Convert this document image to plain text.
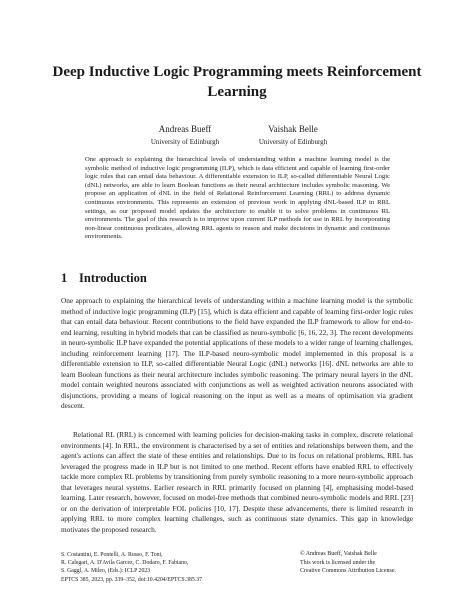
Deep Inductive Logic Programming meets Reinforcement Learning
Andreas Bueff
University of Edinburgh
Vaishak Belle
University of Edinburgh
One approach to explaining the hierarchical levels of understanding within a machine learning model is the symbolic method of inductive logic programming (ILP), which is data efficient and capable of learning first-order logic rules that can entail data behaviour. A differentiable extension to ILP, so-called differentiable Neural Logic (dNL) networks, are able to learn Boolean functions as their neural architecture includes symbolic reasoning. We propose an application of dNL in the field of Relational Reinforcement Learning (RRL) to address dynamic continuous environments. This represents an extension of previous work in applying dNL-based ILP in RRL settings, as our proposed model updates the architecture to enable it to solve problems in continuous RL environments. The goal of this research is to improve upon current ILP methods for use in RRL by incorporating non-linear continuous predicates, allowing RRL agents to reason and make decisions in dynamic and continuous environments.
1 Introduction

One approach to explaining the hierarchical levels of understanding within a machine learning model is the symbolic method of inductive logic programming (ILP) [15], which is data efficient and capable of learning first-order logic rules that can entail data behaviour. Recent contributions to the field have expanded the ILP framework to allow for end-to-end learning, resulting in hybrid models that can be classified as neuro-symbolic [6, 16, 22, 3]. The recent developments in neuro-symbolic ILP have expanded the potential applications of these models to a wider range of learning challenges, including reinforcement learning [17]. The ILP-based neuro-symbolic model implemented in this proposal is a differentiable extension to ILP, so-called differentiable Neural Logic (dNL) networks [16]. dNL networks are able to learn Boolean functions as their neural architecture includes symbolic reasoning. The primary neural layers in the dNL model contain weighted neurons associated with conjunctions as well as weighted activation neurons associated with disjunctions, providing a means of logical reasoning on the input as well as a means of optimisation via gradient descent.

Relational RL (RRL) is concerned with learning policies for decision-making tasks in complex, discrete relational environments [4]. In RRL, the environment is characterised by a set of entities and relationships between them, and the agent's actions can affect the state of these entities and relationships. Due to its focus on relational problems, RRL has leveraged the progress made in ILP but is not limited to one method. Recent efforts have enabled RRL to effectively tackle more complex RL problems by transitioning from purely symbolic reasoning to a more neuro-symbolic approach that leverages neural systems. Earlier research in RRL primarily focused on planning [4], emphasising model-based learning. Later research, however, focused on model-free methods that combined neuro-symbolic models and RRL [23] or on the derivation of interpretable FOL policies [10, 17]. Despite these advancements, there is limited research in applying RRL to more complex learning challenges, such as continuous state dynamics. This gap in knowledge motivates the proposed research.

S. Costantini, E. Pontelli, A. Russo, F. Toni,
R. Calegari, A. D'Avila Garcez, C. Dodaro, F. Fabiano,
S. Gaggl, A. Mileo, (Eds.): ICLP 2023
EPTCS 385, 2023, pp. 339–352, doi:10.4204/EPTCS.385.37
© Andreas Bueff, Vaishak Belle
This work is licensed under the
Creative Commons Attribution License.
